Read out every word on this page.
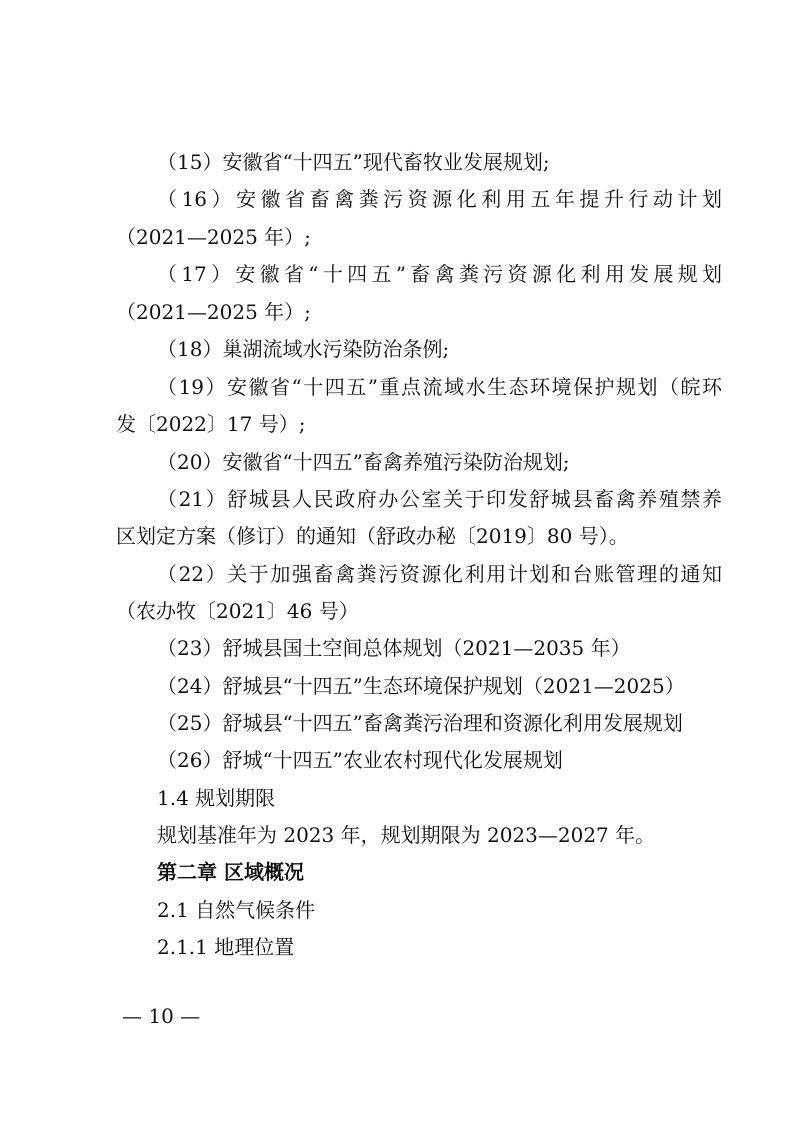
（15）安徽省“十四五”现代畜牧业发展规划;
（16）安徽省畜禽粪污资源化利用五年提升行动计划
（2021—2025 年）;
（17）安徽省“十四五”畜禽粪污资源化利用发展规划
（2021—2025 年）;
（18）巢湖流域水污染防治条例;
（19）安徽省“十四五”重点流域水生态环境保护规划（皖环
发〔2022〕17 号）;
（20）安徽省“十四五”畜禽养殖污染防治规划;
（21）舒城县人民政府办公室关于印发舒城县畜禽养殖禁养
区划定方案（修订）的通知（舒政办秘〔2019〕80 号）。
（22）关于加强畜禽粪污资源化利用计划和台账管理的通知
（农办牧〔2021〕46 号）
（23）舒城县国土空间总体规划（2021—2035 年）
（24）舒城县“十四五”生态环境保护规划（2021—2025）
（25）舒城县“十四五”畜禽粪污治理和资源化利用发展规划
（26）舒城“十四五”农业农村现代化发展规划
1.4 规划期限
规划基准年为 2023 年，规划期限为 2023—2027 年。
第二章 区域概况
2.1 自然气候条件
2.1.1 地理位置
— 10 —
